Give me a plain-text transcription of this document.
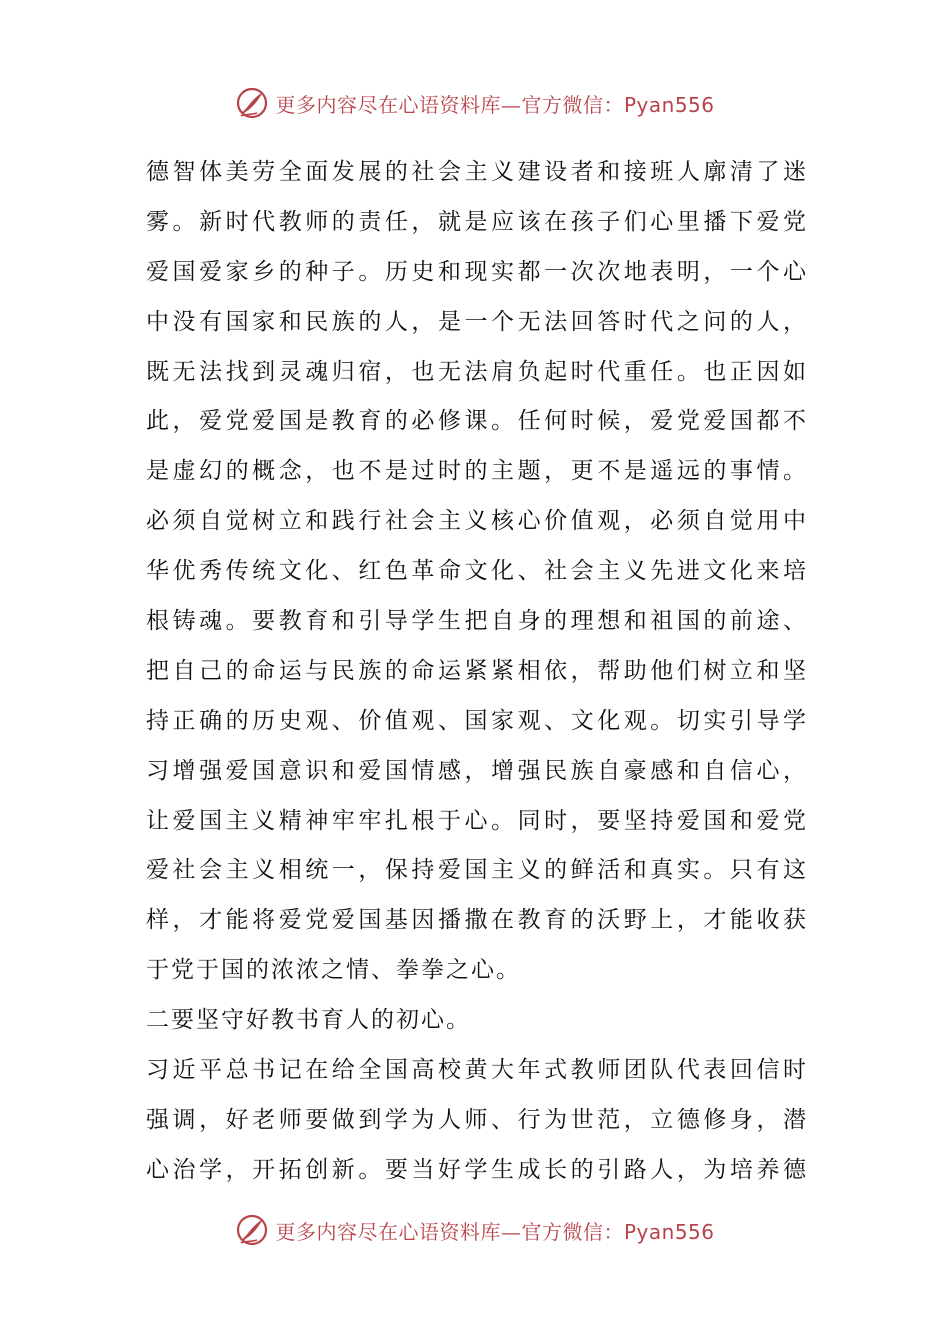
更多内容尽在心语资料库—官方微信：Pyan556
德智体美劳全面发展的社会主义建设者和接班人廓清了迷
雾。新时代教师的责任，就是应该在孩子们心里播下爱党
爱国爱家乡的种子。历史和现实都一次次地表明，一个心
中没有国家和民族的人，是一个无法回答时代之问的人，
既无法找到灵魂归宿，也无法肩负起时代重任。也正因如
此，爱党爱国是教育的必修课。任何时候，爱党爱国都不
是虚幻的概念，也不是过时的主题，更不是遥远的事情。
必须自觉树立和践行社会主义核心价值观，必须自觉用中
华优秀传统文化、红色革命文化、社会主义先进文化来培
根铸魂。要教育和引导学生把自身的理想和祖国的前途、
把自己的命运与民族的命运紧紧相依，帮助他们树立和坚
持正确的历史观、价值观、国家观、文化观。切实引导学
习增强爱国意识和爱国情感，增强民族自豪感和自信心，
让爱国主义精神牢牢扎根于心。同时，要坚持爱国和爱党
爱社会主义相统一，保持爱国主义的鲜活和真实。只有这
样，才能将爱党爱国基因播撒在教育的沃野上，才能收获
于党于国的浓浓之情、拳拳之心。
二要坚守好教书育人的初心。
习近平总书记在给全国高校黄大年式教师团队代表回信时
强调，好老师要做到学为人师、行为世范，立德修身，潜
心治学，开拓创新。要当好学生成长的引路人，为培养德
更多内容尽在心语资料库—官方微信：Pyan556
